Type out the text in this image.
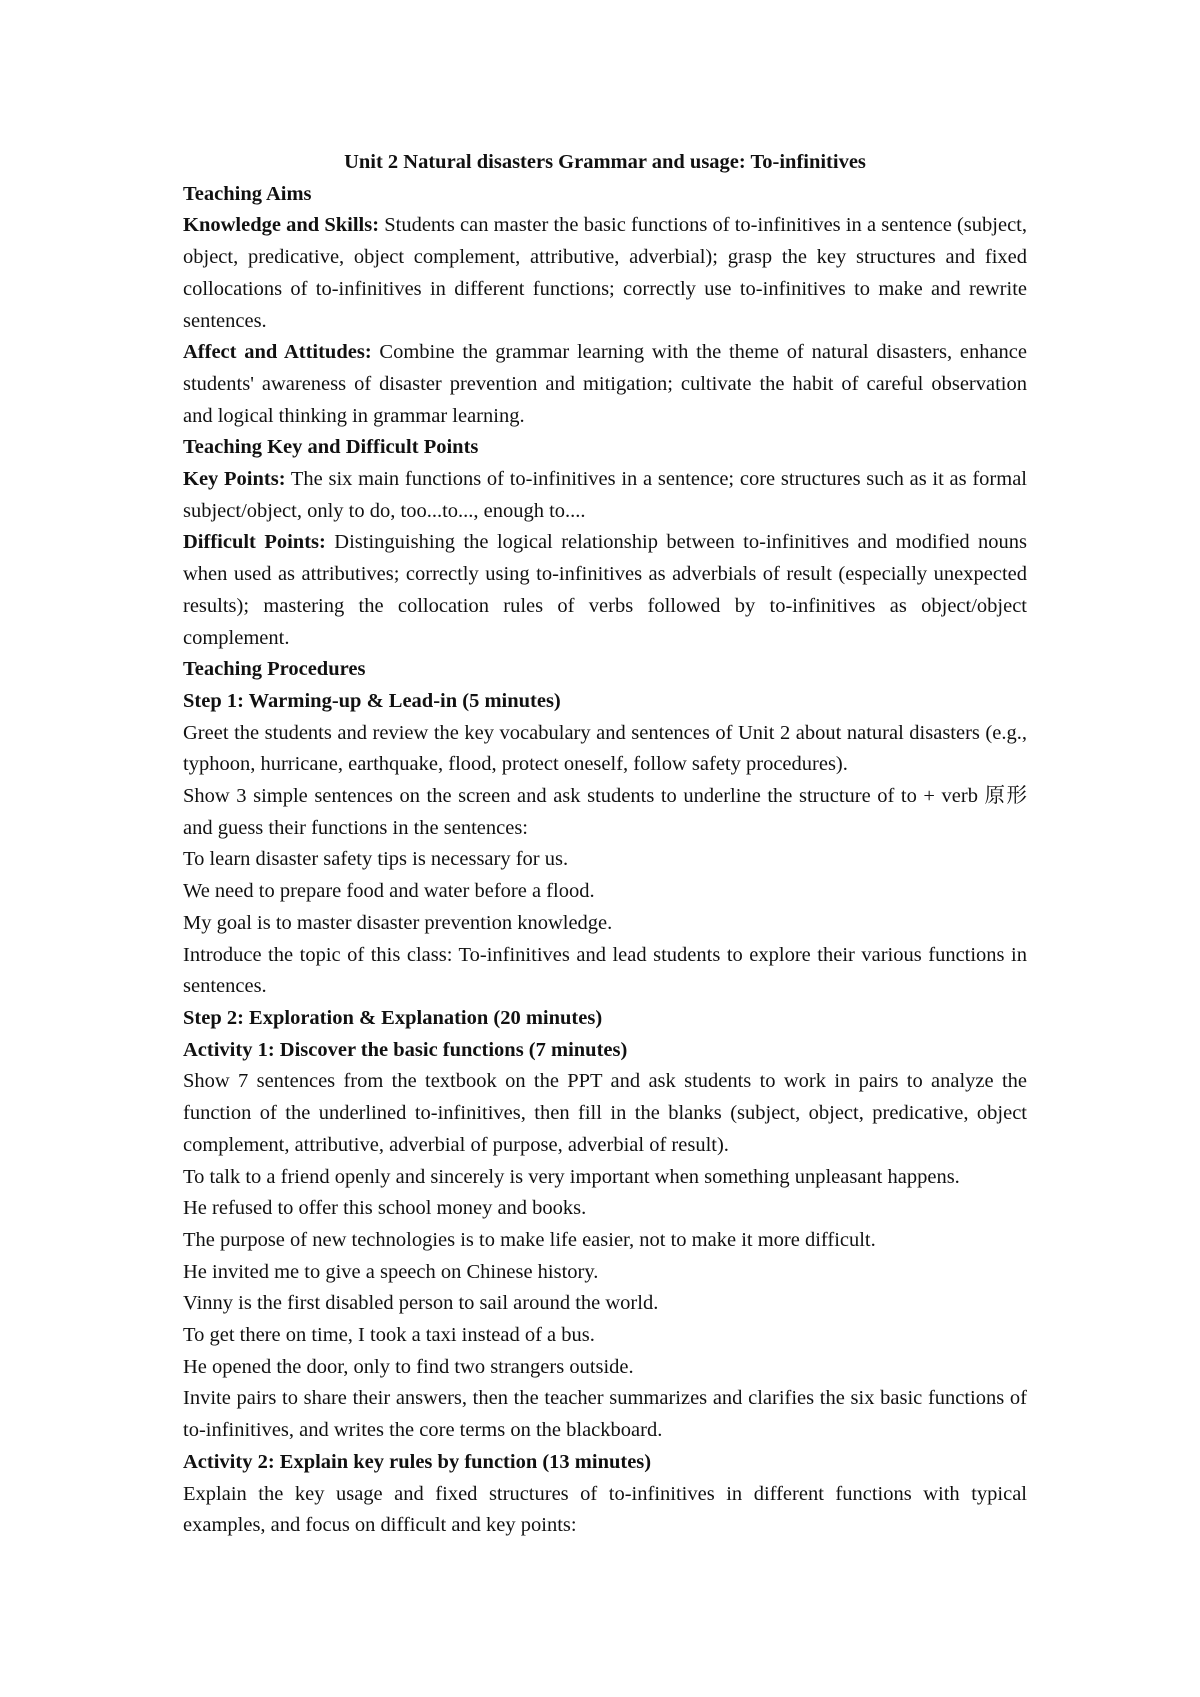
Unit 2 Natural disasters Grammar and usage: To-infinitives

Teaching Aims

Knowledge and Skills: Students can master the basic functions of to-infinitives in a sentence (subject, object, predicative, object complement, attributive, adverbial); grasp the key structures and fixed collocations of to-infinitives in different functions; correctly use to-infinitives to make and rewrite sentences.

Affect and Attitudes: Combine the grammar learning with the theme of natural disasters, enhance students' awareness of disaster prevention and mitigation; cultivate the habit of careful observation and logical thinking in grammar learning.

Teaching Key and Difficult Points

Key Points: The six main functions of to-infinitives in a sentence; core structures such as it as formal subject/object, only to do, too...to..., enough to....

Difficult Points: Distinguishing the logical relationship between to-infinitives and modified nouns when used as attributives; correctly using to-infinitives as adverbials of result (especially unexpected results); mastering the collocation rules of verbs followed by to-infinitives as object/object complement.

Teaching Procedures

Step 1: Warming-up & Lead-in (5 minutes)

Greet the students and review the key vocabulary and sentences of Unit 2 about natural disasters (e.g., typhoon, hurricane, earthquake, flood, protect oneself, follow safety procedures).

Show 3 simple sentences on the screen and ask students to underline the structure of to + verb 原形 and guess their functions in the sentences:

To learn disaster safety tips is necessary for us.

We need to prepare food and water before a flood.

My goal is to master disaster prevention knowledge.

Introduce the topic of this class: To-infinitives and lead students to explore their various functions in sentences.

Step 2: Exploration & Explanation (20 minutes)

Activity 1: Discover the basic functions (7 minutes)

Show 7 sentences from the textbook on the PPT and ask students to work in pairs to analyze the function of the underlined to-infinitives, then fill in the blanks (subject, object, predicative, object complement, attributive, adverbial of purpose, adverbial of result).

To talk to a friend openly and sincerely is very important when something unpleasant happens.

He refused to offer this school money and books.

The purpose of new technologies is to make life easier, not to make it more difficult.

He invited me to give a speech on Chinese history.

Vinny is the first disabled person to sail around the world.

To get there on time, I took a taxi instead of a bus.

He opened the door, only to find two strangers outside.

Invite pairs to share their answers, then the teacher summarizes and clarifies the six basic functions of to-infinitives, and writes the core terms on the blackboard.

Activity 2: Explain key rules by function (13 minutes)

Explain the key usage and fixed structures of to-infinitives in different functions with typical examples, and focus on difficult and key points:
